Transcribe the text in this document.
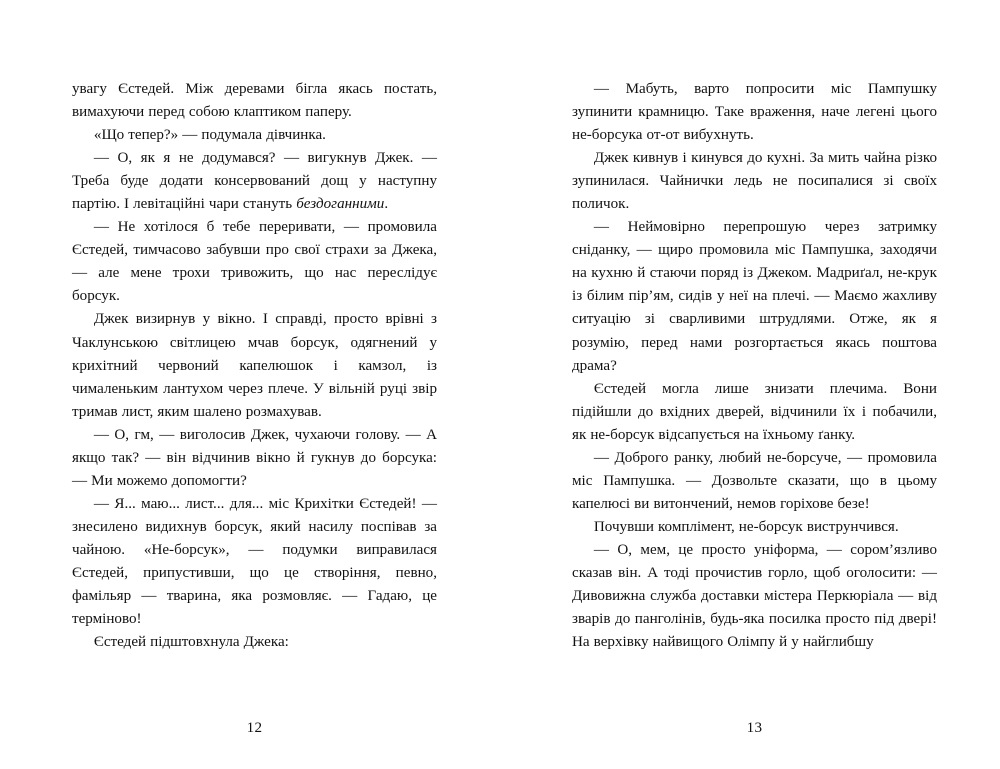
увагу Єстедей. Між деревами бігла якась постать, вимахуючи перед собою клаптиком паперу.

«Що тепер?» — подумала дівчинка.

— О, як я не додумався? — вигукнув Джек. — Треба буде додати консервований дощ у наступну партію. І левітаційні чари стануть бездоганними.

— Не хотілося б тебе переривати, — промовила Єстедей, тимчасово забувши про свої страхи за Джека, — але мене трохи тривожить, що нас переслідує борсук.

Джек визирнув у вікно. І справді, просто врівні з Чаклунською світлицею мчав борсук, одягнений у крихітний червоний капелюшок і камзол, із чималеньким лантухом через плече. У вільній руці звір тримав лист, яким шалено розмахував.

— О, гм, — виголосив Джек, чухаючи голову. — А якщо так? — він відчинив вікно й гукнув до борсука: — Ми можемо допомогти?

— Я... маю... лист... для... міс Крихітки Єстедей! — знесилено видихнув борсук, який насилу поспівав за чайною. «Не-борсук», — подумки виправилася Єстедей, припустивши, що це створіння, певно, фамільяр — тварина, яка розмовляє. — Гадаю, це терміново!

Єстедей підштовхнула Джека:

12

— Мабуть, варто попросити міс Пампушку зупинити крамницю. Таке враження, наче легені цього не-борсука от-от вибухнуть.

Джек кивнув і кинувся до кухні. За мить чайна різко зупинилася. Чайнички ледь не посипалися зі своїх поличок.

— Неймовірно перепрошую через затримку сніданку, — щиро промовила міс Пампушка, заходячи на кухню й стаючи поряд із Джеком. Мадриґал, не-крук із білим пір’ям, сидів у неї на плечі. — Маємо жахливу ситуацію зі сварливими штрудлями. Отже, як я розумію, перед нами розгортається якась поштова драма?

Єстедей могла лише знизати плечима. Вони підійшли до вхідних дверей, відчинили їх і побачили, як не-борсук відсапується на їхньому ґанку.

— Доброго ранку, любий не-борсуче, — промовила міс Пампушка. — Дозвольте сказати, що в цьому капелюсі ви витончений, немов горіхове безе!

Почувши комплімент, не-борсук виструнчився.

— О, мем, це просто уніформа, — сором’язливо сказав він. А тоді прочистив горло, щоб оголосити: — Дивовижна служба доставки містера Перкюріала — від зварів до панголінів, будь-яка посилка просто під двері! На верхівку найвищого Олімпу й у найглибшу

13
